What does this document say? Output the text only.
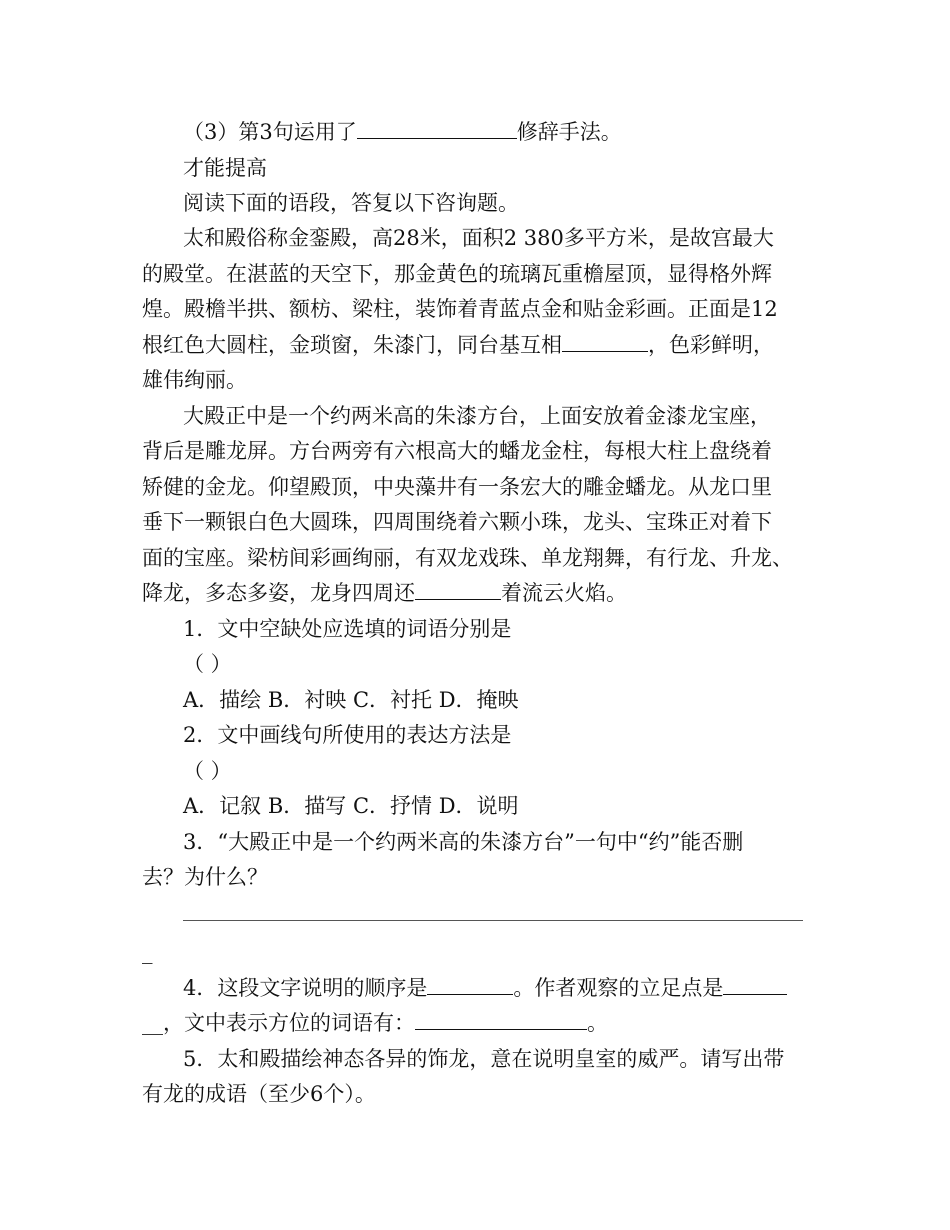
（3）第3句运用了	修辞手法。
才能提高
阅读下面的语段，答复以下咨询题。
太和殿俗称金銮殿，高28米，面积2 380多平方米，是故宫最大
的殿堂。在湛蓝的天空下，那金黄色的琉璃瓦重檐屋顶，显得格外辉
煌。殿檐半拱、额枋、梁柱，装饰着青蓝点金和贴金彩画。正面是12
根红色大圆柱，金琐窗，朱漆门，同台基互相	，色彩鲜明，
雄伟绚丽。
大殿正中是一个约两米高的朱漆方台，上面安放着金漆龙宝座，
背后是雕龙屏。方台两旁有六根高大的蟠龙金柱，每根大柱上盘绕着
矫健的金龙。仰望殿顶，中央藻井有一条宏大的雕金蟠龙。从龙口里
垂下一颗银白色大圆珠，四周围绕着六颗小珠，龙头、宝珠正对着下
面的宝座。梁枋间彩画绚丽，有双龙戏珠、单龙翔舞，有行龙、升龙、
降龙，多态多姿，龙身四周还	着流云火焰。
1．文中空缺处应选填的词语分别是
（ ）
A．描绘 B．衬映 C．衬托 D．掩映
2．文中画线句所使用的表达方法是
（ ）
A．记叙 B．描写 C．抒情 D．说明
3．“大殿正中是一个约两米高的朱漆方台”一句中“约”能否删
去？为什么？
_
4．这段文字说明的顺序是	。作者观察的立足点是
__，文中表示方位的词语有：	。
5．太和殿描绘神态各异的饰龙，意在说明皇室的威严。请写出带
有龙的成语（至少6个）。
